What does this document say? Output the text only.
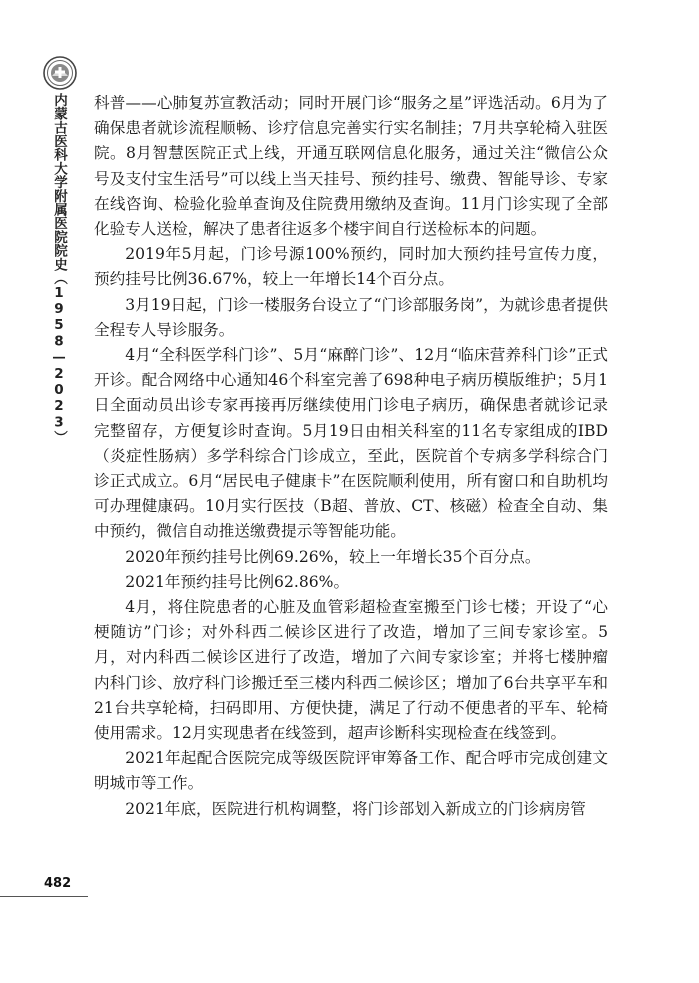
内蒙古医科大学附属医院院史（1958—2023）
482

科普——心肺复苏宣教活动；同时开展门诊“服务之星”评选活动。6月为了确保患者就诊流程顺畅、诊疗信息完善实行实名制挂；7月共享轮椅入驻医院。8月智慧医院正式上线，开通互联网信息化服务，通过关注“微信公众号及支付宝生活号”可以线上当天挂号、预约挂号、缴费、智能导诊、专家在线咨询、检验化验单查询及住院费用缴纳及查询。11月门诊实现了全部化验专人送检，解决了患者往返多个楼宇间自行送检标本的问题。

2019年5月起，门诊号源100%预约，同时加大预约挂号宣传力度，预约挂号比例36.67%，较上一年增长14个百分点。

3月19日起，门诊一楼服务台设立了“门诊部服务岗”，为就诊患者提供全程专人导诊服务。

4月“全科医学科门诊”、5月“麻醉门诊”、12月“临床营养科门诊”正式开诊。配合网络中心通知46个科室完善了698种电子病历模版维护；5月1日全面动员出诊专家再接再厉继续使用门诊电子病历，确保患者就诊记录完整留存，方便复诊时查询。5月19日由相关科室的11名专家组成的IBD（炎症性肠病）多学科综合门诊成立，至此，医院首个专病多学科综合门诊正式成立。6月“居民电子健康卡”在医院顺利使用，所有窗口和自助机均可办理健康码。10月实行医技（B超、普放、CT、核磁）检查全自动、集中预约，微信自动推送缴费提示等智能功能。

2020年预约挂号比例69.26%，较上一年增长35个百分点。

2021年预约挂号比例62.86%。

4月，将住院患者的心脏及血管彩超检查室搬至门诊七楼；开设了“心梗随访”门诊；对外科西二候诊区进行了改造，增加了三间专家诊室。5月，对内科西二候诊区进行了改造，增加了六间专家诊室；并将七楼肿瘤内科门诊、放疗科门诊搬迁至三楼内科西二候诊区；增加了6台共享平车和21台共享轮椅，扫码即用、方便快捷，满足了行动不便患者的平车、轮椅使用需求。12月实现患者在线签到，超声诊断科实现检查在线签到。

2021年起配合医院完成等级医院评审筹备工作、配合呼市完成创建文明城市等工作。

2021年底，医院进行机构调整，将门诊部划入新成立的门诊病房管
